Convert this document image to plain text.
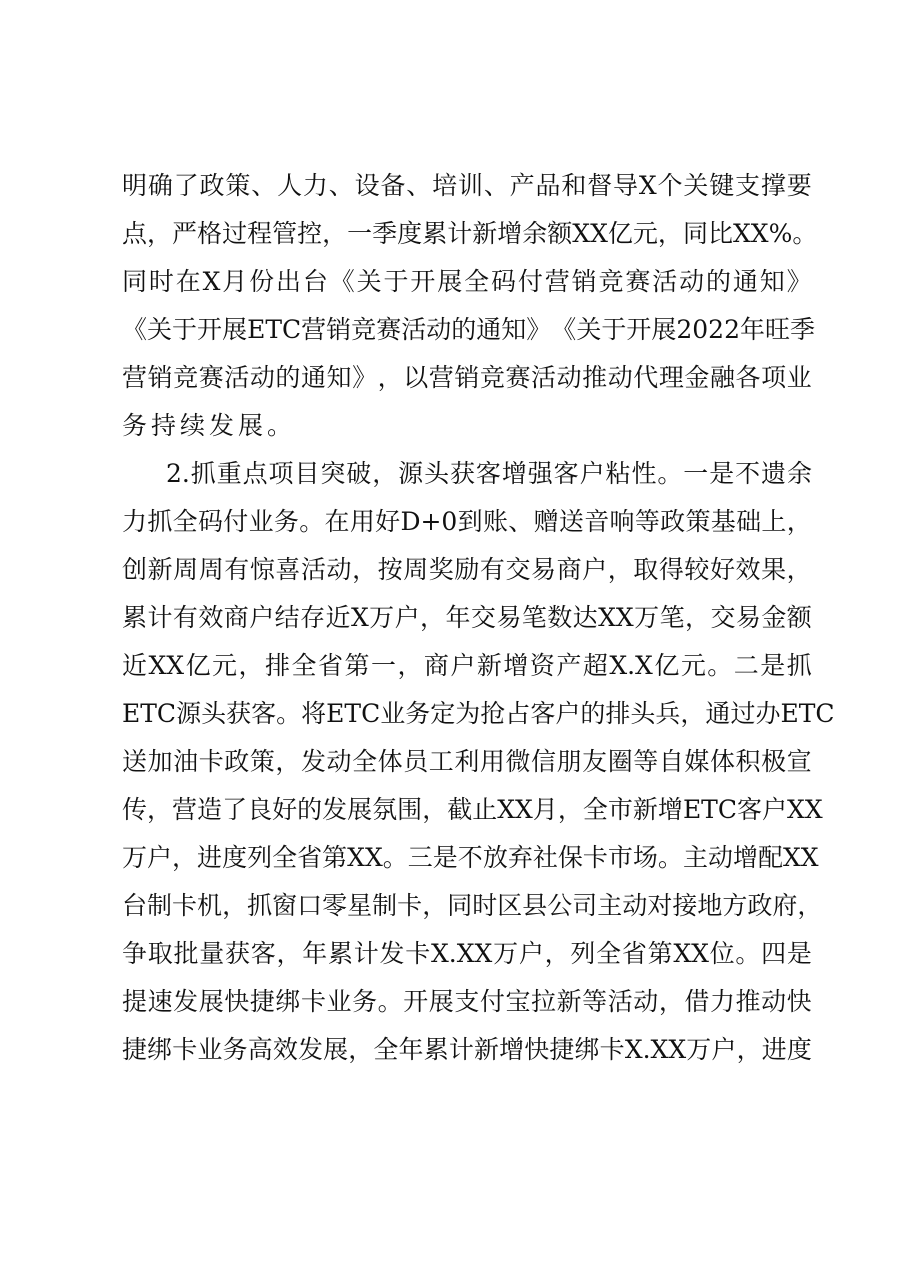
明 确 了 政 策 、 人 力 、 设 备 、 培 训 、 产 品 和 督 导 X 个 关 键 支 撑 要
点 ， 严 格 过 程 管 控 ， 一 季 度 累 计 新 增 余 额 XX 亿 元 ， 同 比 XX% 。
同 时 在 X 月 份 出 台 《 关 于 开 展 全 码 付 营 销 竞 赛 活 动 的 通 知 》
《 关 于 开 展 ETC 营 销 竞 赛 活 动 的 通 知 》 《 关 于 开 展 2022 年 旺 季
营 销 竞 赛 活 动 的 通 知 》 ， 以 营 销 竞 赛 活 动 推 动 代 理 金 融 各 项 业
务持续发展。
2. 抓 重 点 项 目 突 破 ， 源 头 获 客 增 强 客 户 粘 性 。 一 是 不 遗 余
力 抓 全 码 付 业 务 。 在 用 好 D+0 到 账 、 赠 送 音 响 等 政 策 基 础 上 ，
创 新 周 周 有 惊 喜 活 动 ， 按 周 奖 励 有 交 易 商 户 ， 取 得 较 好 效 果 ，
累 计 有 效 商 户 结 存 近 X 万 户 ， 年 交 易 笔 数 达 XX 万 笔 ， 交 易 金 额
近 XX 亿 元 ， 排 全 省 第 一 ， 商 户 新 增 资 产 超 X.X 亿 元 。 二 是 抓
ETC 源 头 获 客 。 将 ETC 业 务 定 为 抢 占 客 户 的 排 头 兵 ， 通 过 办 ETC
送 加 油 卡 政 策 ， 发 动 全 体 员 工 利 用 微 信 朋 友 圈 等 自 媒 体 积 极 宣
传 ， 营 造 了 良 好 的 发 展 氛 围 ， 截 止 XX 月 ， 全 市 新 增 ETC 客 户 XX
万 户 ， 进 度 列 全 省 第 XX 。 三 是 不 放 弃 社 保 卡 市 场 。 主 动 增 配 XX
台 制 卡 机 ， 抓 窗 口 零 星 制 卡 ， 同 时 区 县 公 司 主 动 对 接 地 方 政 府 ，
争 取 批 量 获 客 ， 年 累 计 发 卡 X.XX 万 户 ， 列 全 省 第 XX 位 。 四 是
提 速 发 展 快 捷 绑 卡 业 务 。 开 展 支 付 宝 拉 新 等 活 动 ， 借 力 推 动 快
捷 绑 卡 业 务 高 效 发 展 ， 全 年 累 计 新 增 快 捷 绑 卡 X.XX 万 户 ， 进 度
